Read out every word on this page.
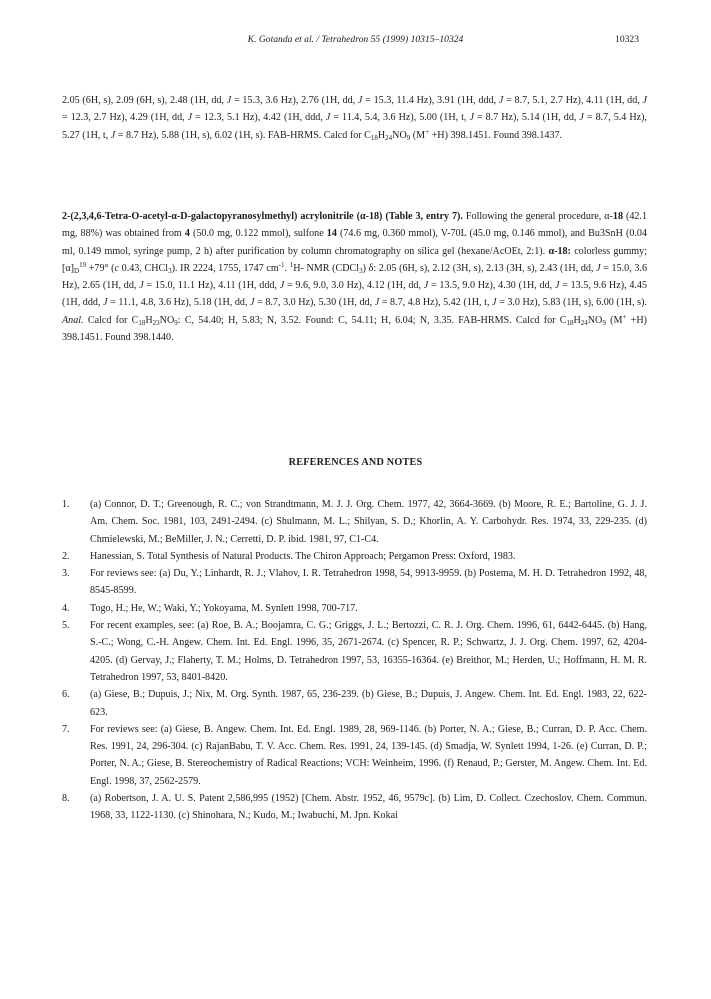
K. Gotanda et al. / Tetrahedron 55 (1999) 10315–10324	10323
2.05 (6H, s), 2.09 (6H, s), 2.48 (1H, dd, J = 15.3, 3.6 Hz), 2.76 (1H, dd, J = 15.3, 11.4 Hz), 3.91 (1H, ddd, J = 8.7, 5.1, 2.7 Hz), 4.11 (1H, dd, J = 12.3, 2.7 Hz), 4.29 (1H, dd, J = 12.3, 5.1 Hz), 4.42 (1H, ddd, J = 11.4, 5.4, 3.6 Hz), 5.00 (1H, t, J = 8.7 Hz), 5.14 (1H, dd, J = 8.7, 5.4 Hz), 5.27 (1H, t, J = 8.7 Hz), 5.88 (1H, s), 6.02 (1H, s). FAB-HRMS. Calcd for $C_{18}H_{24}NO_9$ (M+ +H) 398.1451. Found 398.1437.
2-(2,3,4,6-Tetra-O-acetyl-α-D-galactopyranosylmethyl) acrylonitrile (α-18) (Table 3, entry 7). Following the general procedure, α-18 (42.1 mg, 88%) was obtained from 4 (50.0 mg, 0.122 mmol), sulfone 14 (74.6 mg, 0.360 mmol), V-70L (45.0 mg, 0.146 mmol), and Bu3SnH (0.04 ml, 0.149 mmol, syringe pump, 2 h) after purification by column chromatography on silica gel (hexane/AcOEt, 2:1). α-18: colorless gummy; $[\alpha]_D^{19} +79^\circ$ (c 0.43, CHCl$_3$). IR 2224, 1755, 1747 $cm^{-1}$. $^1$H- NMR (CDCl$_3$) δ: 2.05 (6H, s), 2.12 (3H, s), 2.13 (3H, s), 2.43 (1H, dd, J = 15.0, 3.6 Hz), 2.65 (1H, dd, J = 15.0, 11.1 Hz), 4.11 (1H, ddd, J = 9.6, 9.0, 3.0 Hz), 4.12 (1H, dd, J = 13.5, 9.0 Hz), 4.30 (1H, dd, J = 13.5, 9.6 Hz), 4.45 (1H, ddd, J = 11.1, 4.8, 3.6 Hz), 5.18 (1H, dd, J = 8.7, 3.0 Hz), 5.30 (1H, dd, J = 8.7, 4.8 Hz), 5.42 (1H, t, J = 3.0 Hz), 5.83 (1H, s), 6.00 (1H, s). Anal. Calcd for $C_{18}H_{23}NO_9$: C, 54.40; H, 5.83; N, 3.52. Found: C, 54.11; H, 6.04; N, 3.35. FAB-HRMS. Calcd for $C_{18}H_{24}NO_9$ (M+ +H) 398.1451. Found 398.1440.
REFERENCES AND NOTES
1.	(a) Connor, D. T.; Greenough, R. C.; von Strandtmann, M. J. J. Org. Chem. 1977, 42, 3664-3669. (b) Moore, R. E.; Bartoline, G. J. J. Am. Chem. Soc. 1981, 103, 2491-2494. (c) Shulmann, M. L.; Shilyan, S. D.; Khorlin, A. Y. Carbohydr. Res. 1974, 33, 229-235. (d) Chmielewski, M.; BeMiller, J. N.; Cerretti, D. P. ibid. 1981, 97, C1-C4.
2.	Hanessian, S. Total Synthesis of Natural Products. The Chiron Approach; Pergamon Press: Oxford, 1983.
3.	For reviews see: (a) Du, Y.; Linhardt, R. J.; Vlahov, I. R. Tetrahedron 1998, 54, 9913-9959. (b) Postema, M. H. D. Tetrahedron 1992, 48, 8545-8599.
4.	Togo, H.; He, W.; Waki, Y.; Yokoyama, M. Synlett 1998, 700-717.
5.	For recent examples, see: (a) Roe, B. A.; Boojamra, C. G.; Griggs, J. L.; Bertozzi, C. R. J. Org. Chem. 1996, 61, 6442-6445. (b) Hang, S.-C.; Wong, C.-H. Angew. Chem. Int. Ed. Engl. 1996, 35, 2671-2674. (c) Spencer, R. P.; Schwartz, J. J. Org. Chem. 1997, 62, 4204-4205. (d) Gervay, J.; Flaherty, T. M.; Holms, D. Tetrahedron 1997, 53, 16355-16364. (e) Breithor, M.; Herden, U.; Hoffmann, H. M. R. Tetrahedron 1997, 53, 8401-8420.
6.	(a) Giese, B.; Dupuis, J.; Nix, M. Org. Synth. 1987, 65, 236-239. (b) Giese, B.; Dupuis, J. Angew. Chem. Int. Ed. Engl. 1983, 22, 622-623.
7.	For reviews see: (a) Giese, B. Angew. Chem. Int. Ed. Engl. 1989, 28, 969-1146. (b) Porter, N. A.; Giese, B.; Curran, D. P. Acc. Chem. Res. 1991, 24, 296-304. (c) RajanBabu, T. V. Acc. Chem. Res. 1991, 24, 139-145. (d) Smadja, W. Synlett 1994, 1-26. (e) Curran, D. P.; Porter, N. A.; Giese, B. Stereochemistry of Radical Reactions; VCH: Weinheim, 1996. (f) Renaud, P.; Gerster, M. Angew. Chem. Int. Ed. Engl. 1998, 37, 2562-2579.
8.	(a) Robertson, J. A. U. S. Patent 2,586,995 (1952) [Chem. Abstr. 1952, 46, 9579c]. (b) Lim, D. Collect. Czechoslov. Chem. Commun. 1968, 33, 1122-1130. (c) Shinohara, N.; Kudo, M.; Iwabuchi, M. Jpn. Kokai
